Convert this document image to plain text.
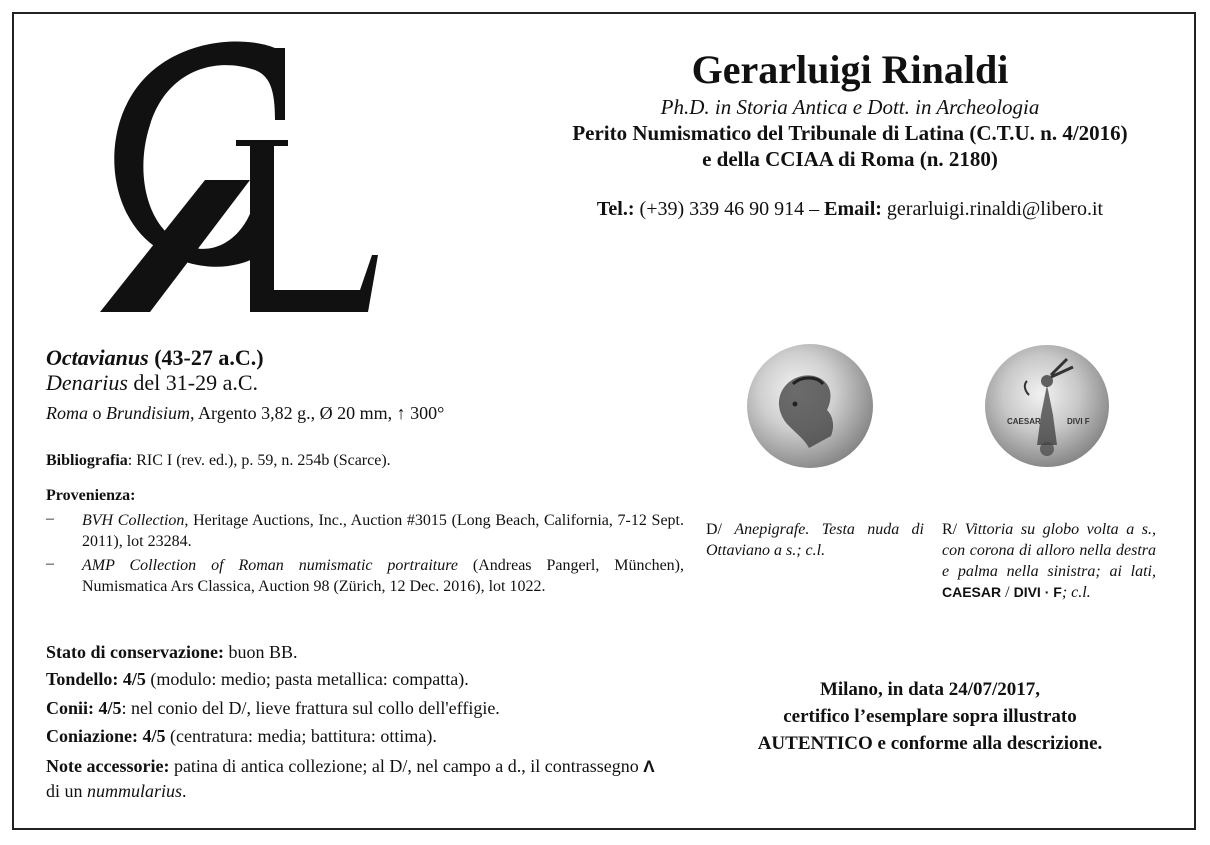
Gerarluigi Rinaldi
Ph.D. in Storia Antica e Dott. in Archeologia
Perito Numismatico del Tribunale di Latina (C.T.U. n. 4/2016)
e della CCIAA di Roma (n. 2180)
Tel.: (+39) 339 46 90 914 – Email: gerarluigi.rinaldi@libero.it
Octavianus (43-27 a.C.)
Denarius del 31-29 a.C.
Roma o Brundisium, Argento 3,82 g., Ø 20 mm, ↑ 300°
Bibliografia: RIC I (rev. ed.), p. 59, n. 254b (Scarce).
Provenienza:
– BVH Collection, Heritage Auctions, Inc., Auction #3015 (Long Beach, California, 7-12 Sept. 2011), lot 23284.
– AMP Collection of Roman numismatic portraiture (Andreas Pangerl, München), Numismatica Ars Classica, Auction 98 (Zürich, 12 Dec. 2016), lot 1022.
Stato di conservazione: buon BB.
Tondello: 4/5 (modulo: medio; pasta metallica: compatta).
Conii: 4/5: nel conio del D/, lieve frattura sul collo dell'effigie.
Coniazione: 4/5 (centratura: media; battitura: ottima).
Note accessorie: patina di antica collezione; al D/, nel campo a d., il contrassegno Λ di un nummularius.
CAESAR	DIVI F
D/ Anepigrafe. Testa nuda di Ottaviano a s.; c.l.
R/ Vittoria su globo volta a s., con corona di alloro nella destra e palma nella sinistra; ai lati, CAESAR / DIVI · F; c.l.
Milano, in data 24/07/2017,
certifico l’esemplare sopra illustrato
AUTENTICO e conforme alla descrizione.
